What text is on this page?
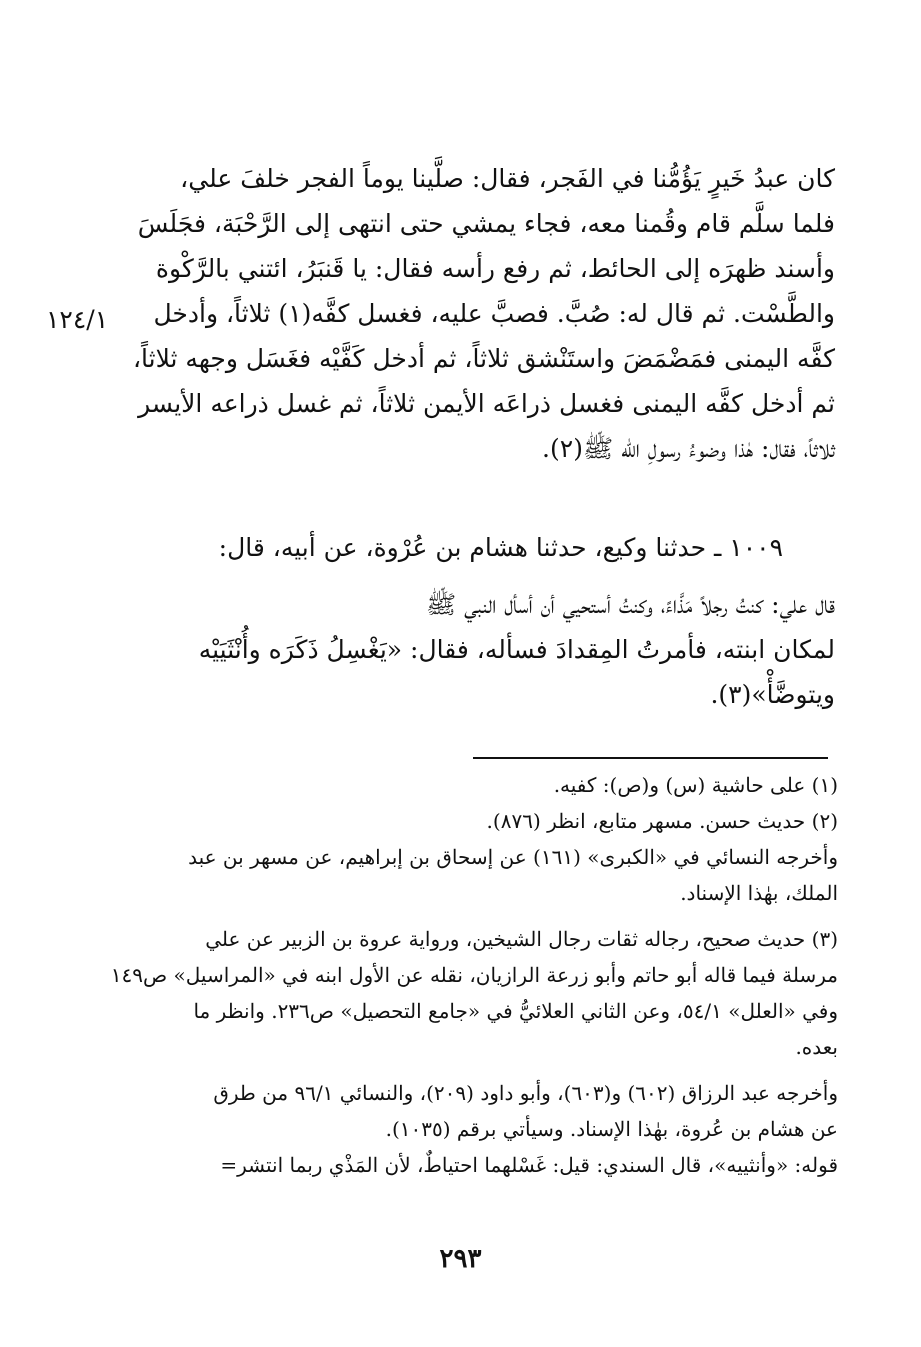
كان عبدُ خَيرٍ يَؤُمُّنا في الفَجر، فقال: صلَّينا يوماً الفجر خلفَ علي،

فلما سلَّم قام وقُمنا معه، فجاء يمشي حتى انتهى إلى الرَّحْبَة، فجَلَسَ

وأسند ظهرَه إلى الحائط، ثم رفع رأسه فقال: يا قَنبَرُ، ائتني بالرَّكْوة

والطَّسْت. ثم قال له: صُبَّ. فصبَّ عليه، فغسل كفَّه(١) ثلاثاً، وأدخل

كفَّه اليمنى فمَضْمَضَ واستَنْشق ثلاثاً، ثم أدخل كَفَّيْه فغَسَل وجهه ثلاثاً،

ثم أدخل كفَّه اليمنى فغسل ذراعَه الأيمن ثلاثاً، ثم غسل ذراعه الأيسر

ثلاثاً، فقال: هٰذا وضوءُ رسولِ الله ﷺ(٢).

١٢٤/١

١٠٠٩ ـ حدثنا وكيع، حدثنا هشام بن عُرْوة، عن أبيه، قال:

قال علي: كنتُ رجلاً مَذَّاءً، وكنتُ أستحيي أن أسأل النبي ﷺ

لمكان ابنته، فأمرتُ المِقدادَ فسأله، فقال: «يَغْسِلُ ذَكَرَه وأُنْثَيَيْه

ويتوضَّأْ»(٣).

(١) على حاشية (س) و(ص): كفيه.

(٢) حديث حسن. مسهر متابع، انظر (٨٧٦).

وأخرجه النسائي في «الكبرى» (١٦١) عن إسحاق بن إبراهيم، عن مسهر بن عبد

الملك، بهٰذا الإسناد.

(٣) حديث صحيح، رجاله ثقات رجال الشيخين، ورواية عروة بن الزبير عن علي

مرسلة فيما قاله أبو حاتم وأبو زرعة الرازيان، نقله عن الأول ابنه في «المراسيل» ص١٤٩

وفي «العلل» ٥٤/١، وعن الثاني العلائيُّ في «جامع التحصيل» ص٢٣٦. وانظر ما

بعده.

وأخرجه عبد الرزاق (٦٠٢) و(٦٠٣)، وأبو داود (٢٠٩)، والنسائي ٩٦/١ من طرق

عن هشام بن عُروة، بهٰذا الإسناد. وسيأتي برقم (١٠٣٥).

قوله: «وأنثييه»، قال السندي: قيل: غَسْلهما احتياطٌ، لأن المَذْي ربما انتشر=

٢٩٣
